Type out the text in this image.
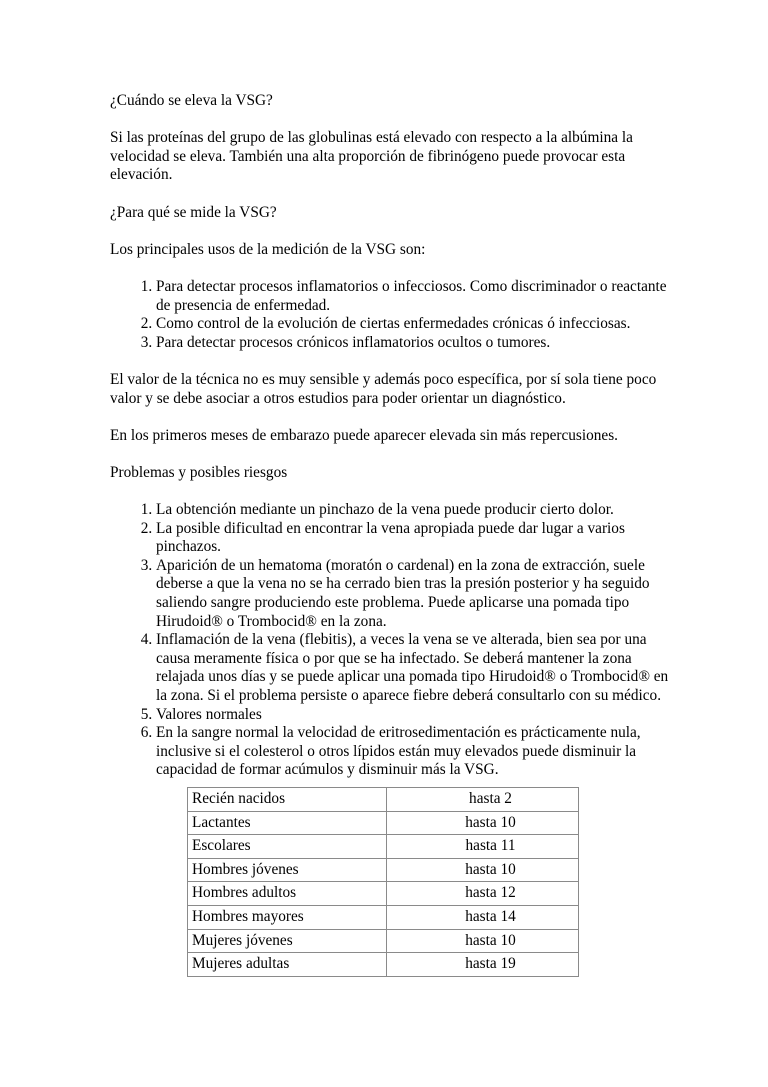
¿Cuándo se eleva la VSG?

Si las proteínas del grupo de las globulinas está elevado con respecto a la albúmina la velocidad se eleva. También una alta proporción de fibrinógeno puede provocar esta elevación.

¿Para qué se mide la VSG?

Los principales usos de la medición de la VSG son:

1. Para detectar procesos inflamatorios o infecciosos. Como discriminador o reactante de presencia de enfermedad.
2. Como control de la evolución de ciertas enfermedades crónicas ó infecciosas.
3. Para detectar procesos crónicos inflamatorios ocultos o tumores.

El valor de la técnica no es muy sensible y además poco específica, por sí sola tiene poco valor y se debe asociar a otros estudios para poder orientar un diagnóstico.

En los primeros meses de embarazo puede aparecer elevada sin más repercusiones.

Problemas y posibles riesgos

1. La obtención mediante un pinchazo de la vena puede producir cierto dolor.
2. La posible dificultad en encontrar la vena apropiada puede dar lugar a varios pinchazos.
3. Aparición de un hematoma (moratón o cardenal) en la zona de extracción, suele deberse a que la vena no se ha cerrado bien tras la presión posterior y ha seguido saliendo sangre produciendo este problema. Puede aplicarse una pomada tipo Hirudoid® o Trombocid® en la zona.
4. Inflamación de la vena (flebitis), a veces la vena se ve alterada, bien sea por una causa meramente física o por que se ha infectado. Se deberá mantener la zona relajada unos días y se puede aplicar una pomada tipo Hirudoid® o Trombocid® en la zona. Si el problema persiste o aparece fiebre deberá consultarlo con su médico.
5. Valores normales
6. En la sangre normal la velocidad de eritrosedimentación es prácticamente nula, inclusive si el colesterol o otros lípidos están muy elevados puede disminuir la capacidad de formar acúmulos y disminuir más la VSG.
Recién nacidos	hasta 2
Lactantes	hasta 10
Escolares	hasta 11
Hombres jóvenes	hasta 10
Hombres adultos	hasta 12
Hombres mayores	hasta 14
Mujeres jóvenes	hasta 10
Mujeres adultas	hasta 19
